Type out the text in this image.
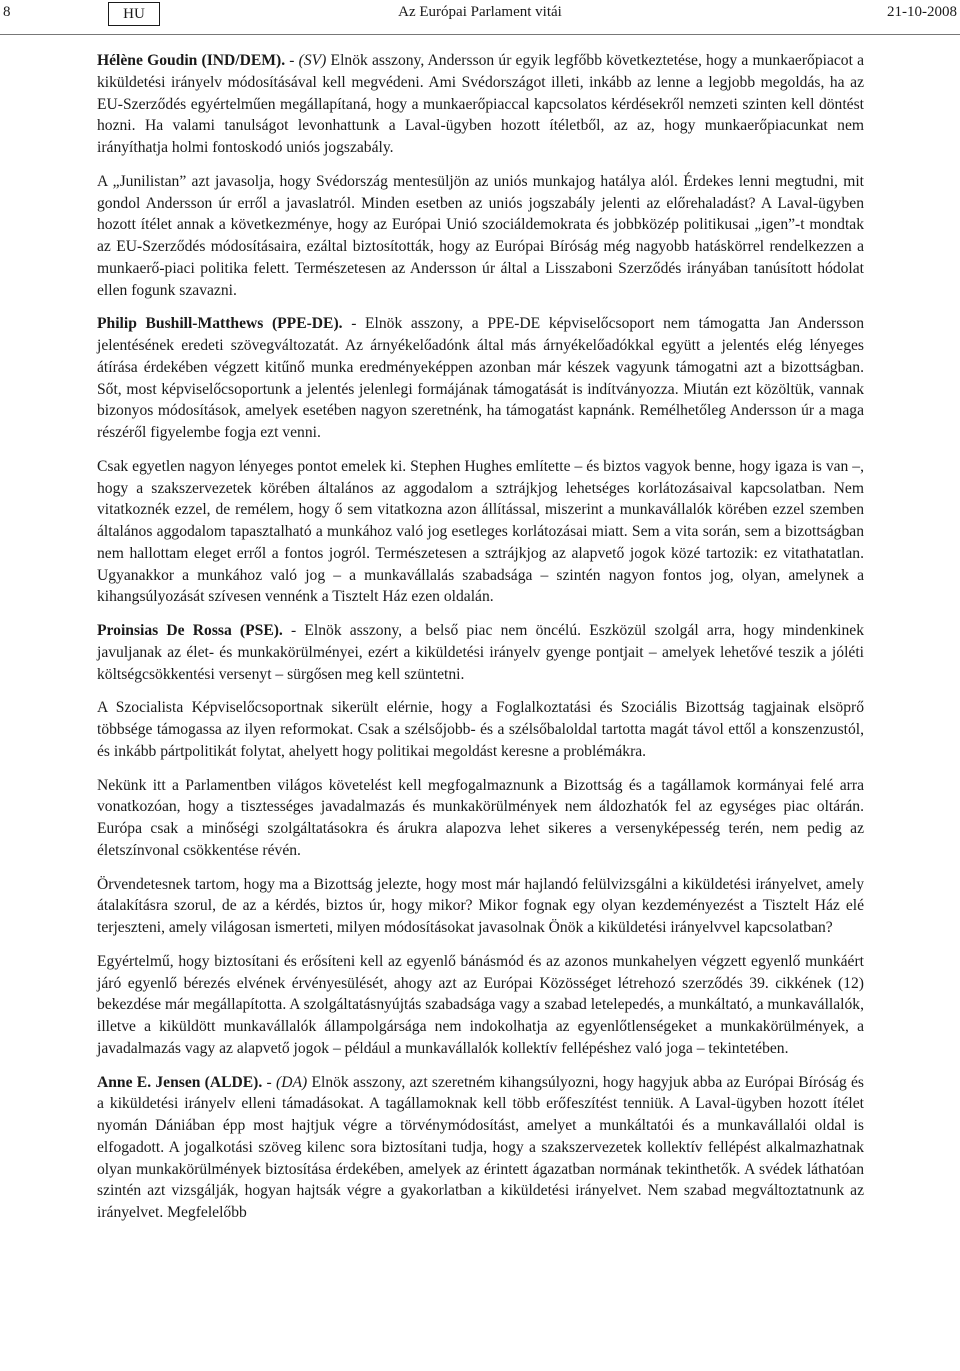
8	HU	Az Európai Parlament vitái	21-10-2008

Hélène Goudin (IND/DEM). - (SV) Elnök asszony, Andersson úr egyik legfőbb következtetése, hogy a munkaerőpiacot a kiküldetési irányelv módosításával kell megvédeni. Ami Svédországot illeti, inkább az lenne a legjobb megoldás, ha az EU-Szerződés egyértelműen megállapítaná, hogy a munkaerőpiaccal kapcsolatos kérdésekről nemzeti szinten kell döntést hozni. Ha valami tanulságot levonhattunk a Laval-ügyben hozott ítéletből, az az, hogy munkaerőpiacunkat nem irányíthatja holmi fontoskodó uniós jogszabály.

A „Junilistan” azt javasolja, hogy Svédország mentesüljön az uniós munkajog hatálya alól. Érdekes lenni megtudni, mit gondol Andersson úr erről a javaslatról. Minden esetben az uniós jogszabály jelenti az előrehaladást? A Laval-ügyben hozott ítélet annak a következménye, hogy az Európai Unió szociáldemokrata és jobbközép politikusai „igen”-t mondtak az EU-Szerződés módosításaira, ezáltal biztosították, hogy az Európai Bíróság még nagyobb hatáskörrel rendelkezzen a munkaerő-piaci politika felett. Természetesen az Andersson úr által a Lisszaboni Szerződés irányában tanúsított hódolat ellen fogunk szavazni.

Philip Bushill-Matthews (PPE-DE). - Elnök asszony, a PPE-DE képviselőcsoport nem támogatta Jan Andersson jelentésének eredeti szövegváltozatát. Az árnyékelőadónk által más árnyékelőadókkal együtt a jelentés elég lényeges átírása érdekében végzett kitűnő munka eredményeképpen azonban már készek vagyunk támogatni azt a bizottságban. Sőt, most képviselőcsoportunk a jelentés jelenlegi formájának támogatását is indítványozza. Miután ezt közöltük, vannak bizonyos módosítások, amelyek esetében nagyon szeretnénk, ha támogatást kapnánk. Remélhetőleg Andersson úr a maga részéről figyelembe fogja ezt venni.

Csak egyetlen nagyon lényeges pontot emelek ki. Stephen Hughes említette – és biztos vagyok benne, hogy igaza is van –, hogy a szakszervezetek körében általános az aggodalom a sztrájkjog lehetséges korlátozásaival kapcsolatban. Nem vitatkoznék ezzel, de remélem, hogy ő sem vitatkozna azon állítással, miszerint a munkavállalók körében ezzel szemben általános aggodalom tapasztalható a munkához való jog esetleges korlátozásai miatt. Sem a vita során, sem a bizottságban nem hallottam eleget erről a fontos jogról. Természetesen a sztrájkjog az alapvető jogok közé tartozik: ez vitathatatlan. Ugyanakkor a munkához való jog – a munkavállalás szabadsága – szintén nagyon fontos jog, olyan, amelynek a kihangsúlyozását szívesen vennénk a Tisztelt Ház ezen oldalán.

Proinsias De Rossa (PSE). - Elnök asszony, a belső piac nem öncélú. Eszközül szolgál arra, hogy mindenkinek javuljanak az élet- és munkakörülményei, ezért a kiküldetési irányelv gyenge pontjait – amelyek lehetővé teszik a jóléti költségcsökkentési versenyt – sürgősen meg kell szüntetni.

A Szocialista Képviselőcsoportnak sikerült elérnie, hogy a Foglalkoztatási és Szociális Bizottság tagjainak elsöprő többsége támogassa az ilyen reformokat. Csak a szélsőjobb- és a szélsőbaloldal tartotta magát távol ettől a konszenzustól, és inkább pártpolitikát folytat, ahelyett hogy politikai megoldást keresne a problémákra.

Nekünk itt a Parlamentben világos követelést kell megfogalmaznunk a Bizottság és a tagállamok kormányai felé arra vonatkozóan, hogy a tisztességes javadalmazás és munkakörülmények nem áldozhatók fel az egységes piac oltárán. Európa csak a minőségi szolgáltatásokra és árukra alapozva lehet sikeres a versenyképesség terén, nem pedig az életszínvonal csökkentése révén.

Örvendetesnek tartom, hogy ma a Bizottság jelezte, hogy most már hajlandó felülvizsgálni a kiküldetési irányelvet, amely átalakításra szorul, de az a kérdés, biztos úr, hogy mikor? Mikor fognak egy olyan kezdeményezést a Tisztelt Ház elé terjeszteni, amely világosan ismerteti, milyen módosításokat javasolnak Önök a kiküldetési irányelvvel kapcsolatban?

Egyértelmű, hogy biztosítani és erősíteni kell az egyenlő bánásmód és az azonos munkahelyen végzett egyenlő munkáért járó egyenlő bérezés elvének érvényesülését, ahogy azt az Európai Közösséget létrehozó szerződés 39. cikkének (12) bekezdése már megállapította. A szolgáltatásnyújtás szabadsága vagy a szabad letelepedés, a munkáltató, a munkavállalók, illetve a kiküldött munkavállalók állampolgársága nem indokolhatja az egyenlőtlenségeket a munkakörülmények, a javadalmazás vagy az alapvető jogok – például a munkavállalók kollektív fellépéshez való joga – tekintetében.

Anne E. Jensen (ALDE). - (DA) Elnök asszony, azt szeretném kihangsúlyozni, hogy hagyjuk abba az Európai Bíróság és a kiküldetési irányelv elleni támadásokat. A tagállamoknak kell több erőfeszítést tenniük. A Laval-ügyben hozott ítélet nyomán Dániában épp most hajtjuk végre a törvénymódosítást, amelyet a munkáltatói és a munkavállalói oldal is elfogadott. A jogalkotási szöveg kilenc sora biztosítani tudja, hogy a szakszervezetek kollektív fellépést alkalmazhatnak olyan munkakörülmények biztosítása érdekében, amelyek az érintett ágazatban normának tekinthetők. A svédek láthatóan szintén azt vizsgálják, hogyan hajtsák végre a gyakorlatban a kiküldetési irányelvet. Nem szabad megváltoztatnunk az irányelvet. Megfelelőbb
